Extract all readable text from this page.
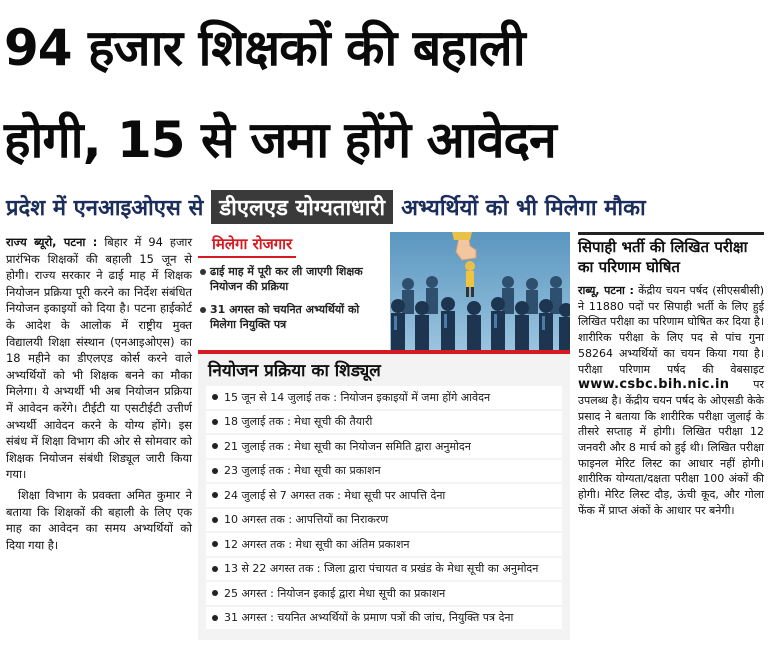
94 हजार शिक्षकों की बहाली
होगी, 15 से जमा होंगे आवेदन
प्रदेश में एनआइओएस से डीएलएड योग्यताधारी अभ्यर्थियों को भी मिलेगा मौका

राज्य ब्यूरो, पटना : बिहार में 94 हजार प्रारंभिक शिक्षकों की बहाली 15 जून से होगी। राज्य सरकार ने ढाई माह में शिक्षक नियोजन प्रक्रिया पूरी करने का निर्देश संबंधित नियोजन इकाइयों को दिया है। पटना हाईकोर्ट के आदेश के आलोक में राष्ट्रीय मुक्त विद्यालयी शिक्षा संस्थान (एनआइओएस) का 18 महीने का डीएलएड कोर्स करने वाले अभ्यर्थियों को भी शिक्षक बनने का मौका मिलेगा। ये अभ्यर्थी भी अब नियोजन प्रक्रिया में आवेदन करेंगे। टीईटी या एसटीईटी उत्तीर्ण अभ्यर्थी आवेदन करने के योग्य होंगे। इस संबंध में शिक्षा विभाग की ओर से सोमवार को शिक्षक नियोजन संबंधी शिड्यूल जारी किया गया।

शिक्षा विभाग के प्रवक्ता अमित कुमार ने बताया कि शिक्षकों की बहाली के लिए एक माह का आवेदन का समय अभ्यर्थियों को दिया गया है।

मिलेगा रोजगार
ढाई माह में पूरी कर ली जाएगी शिक्षक नियोजन की प्रक्रिया
31 अगस्त को चयनित अभ्यर्थियों को मिलेगा नियुक्ति पत्र
नियोजन प्रक्रिया का शिड्यूल
15 जून से 14 जुलाई तक : नियोजन इकाइयों में जमा होंगे आवेदन
18 जुलाई तक : मेधा सूची की तैयारी
21 जुलाई तक : मेधा सूची का नियोजन समिति द्वारा अनुमोदन
23 जुलाई तक : मेधा सूची का प्रकाशन
24 जुलाई से 7 अगस्त तक : मेधा सूची पर आपत्ति देना
10 अगस्त तक : आपत्तियों का निराकरण
12 अगस्त तक : मेधा सूची का अंतिम प्रकाशन
13 से 22 अगस्त तक : जिला द्वारा पंचायत व प्रखंड के मेधा सूची का अनुमोदन
25 अगस्त : नियोजन इकाई द्वारा मेधा सूची का प्रकाशन
31 अगस्त : चयनित अभ्यर्थियों के प्रमाण पत्रों की जांच, नियुक्ति पत्र देना
सिपाही भर्ती की लिखित परीक्षा का परिणाम घोषित
राब्यू, पटना : केंद्रीय चयन पर्षद (सीएसबीसी) ने 11880 पदों पर सिपाही भर्ती के लिए हुई लिखित परीक्षा का परिणाम घोषित कर दिया है। शारीरिक परीक्षा के लिए पद से पांच गुना 58264 अभ्यर्थियों का चयन किया गया है। परीक्षा परिणाम पर्षद की वेबसाइट www.csbc.bih.nic.in पर उपलब्ध है। केंद्रीय चयन पर्षद के ओएसडी केके प्रसाद ने बताया कि शारीरिक परीक्षा जुलाई के तीसरे सप्ताह में होगी। लिखित परीक्षा 12 जनवरी और 8 मार्च को हुई थी। लिखित परीक्षा फाइनल मेरिट लिस्ट का आधार नहीं होगी। शारीरिक योग्यता/दक्षता परीक्षा 100 अंकों की होगी। मेरिट लिस्ट दौड़, ऊंची कूद, और गोला फेंक में प्राप्त अंकों के आधार पर बनेगी।
